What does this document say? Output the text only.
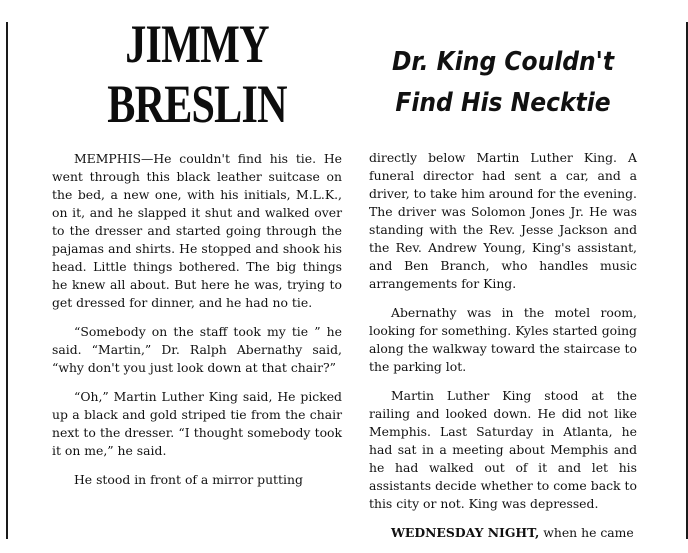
JIMMY
BRESLIN

MEMPHIS—He couldn't find his tie. He went through this black leather suitcase on the bed, a new one, with his initials, M.L.K., on it, and he slapped it shut and walked over to the dresser and started going through the pajamas and shirts. He stopped and shook his head. Little things bothered. The big things he knew all about. But here he was, trying to get dressed for dinner, and he had no tie.

“Somebody on the staff took my tie ” he said. “Martin,” Dr. Ralph Abernathy said, “why don't you just look down at that chair?”

“Oh,” Martin Luther King said, He picked up a black and gold striped tie from the chair next to the dresser. “I thought somebody took it on me,” he said.

He stood in front of a mirror putting

Dr. King Couldn't
Find His Necktie

directly below Martin Luther King. A funeral director had sent a car, and a driver, to take him around for the evening. The driver was Solomon Jones Jr. He was standing with the Rev. Jesse Jackson and the Rev. Andrew Young, King's assistant, and Ben Branch, who handles music arrangements for King.

Abernathy was in the motel room, looking for something. Kyles started going along the walkway toward the staircase to the parking lot.

Martin Luther King stood at the railing and looked down. He did not like Memphis. Last Saturday in Atlanta, he had sat in a meeting about Memphis and he had walked out of it and let his assistants decide whether to come back to this city or not. King was depressed.

WEDNESDAY NIGHT, when he came
